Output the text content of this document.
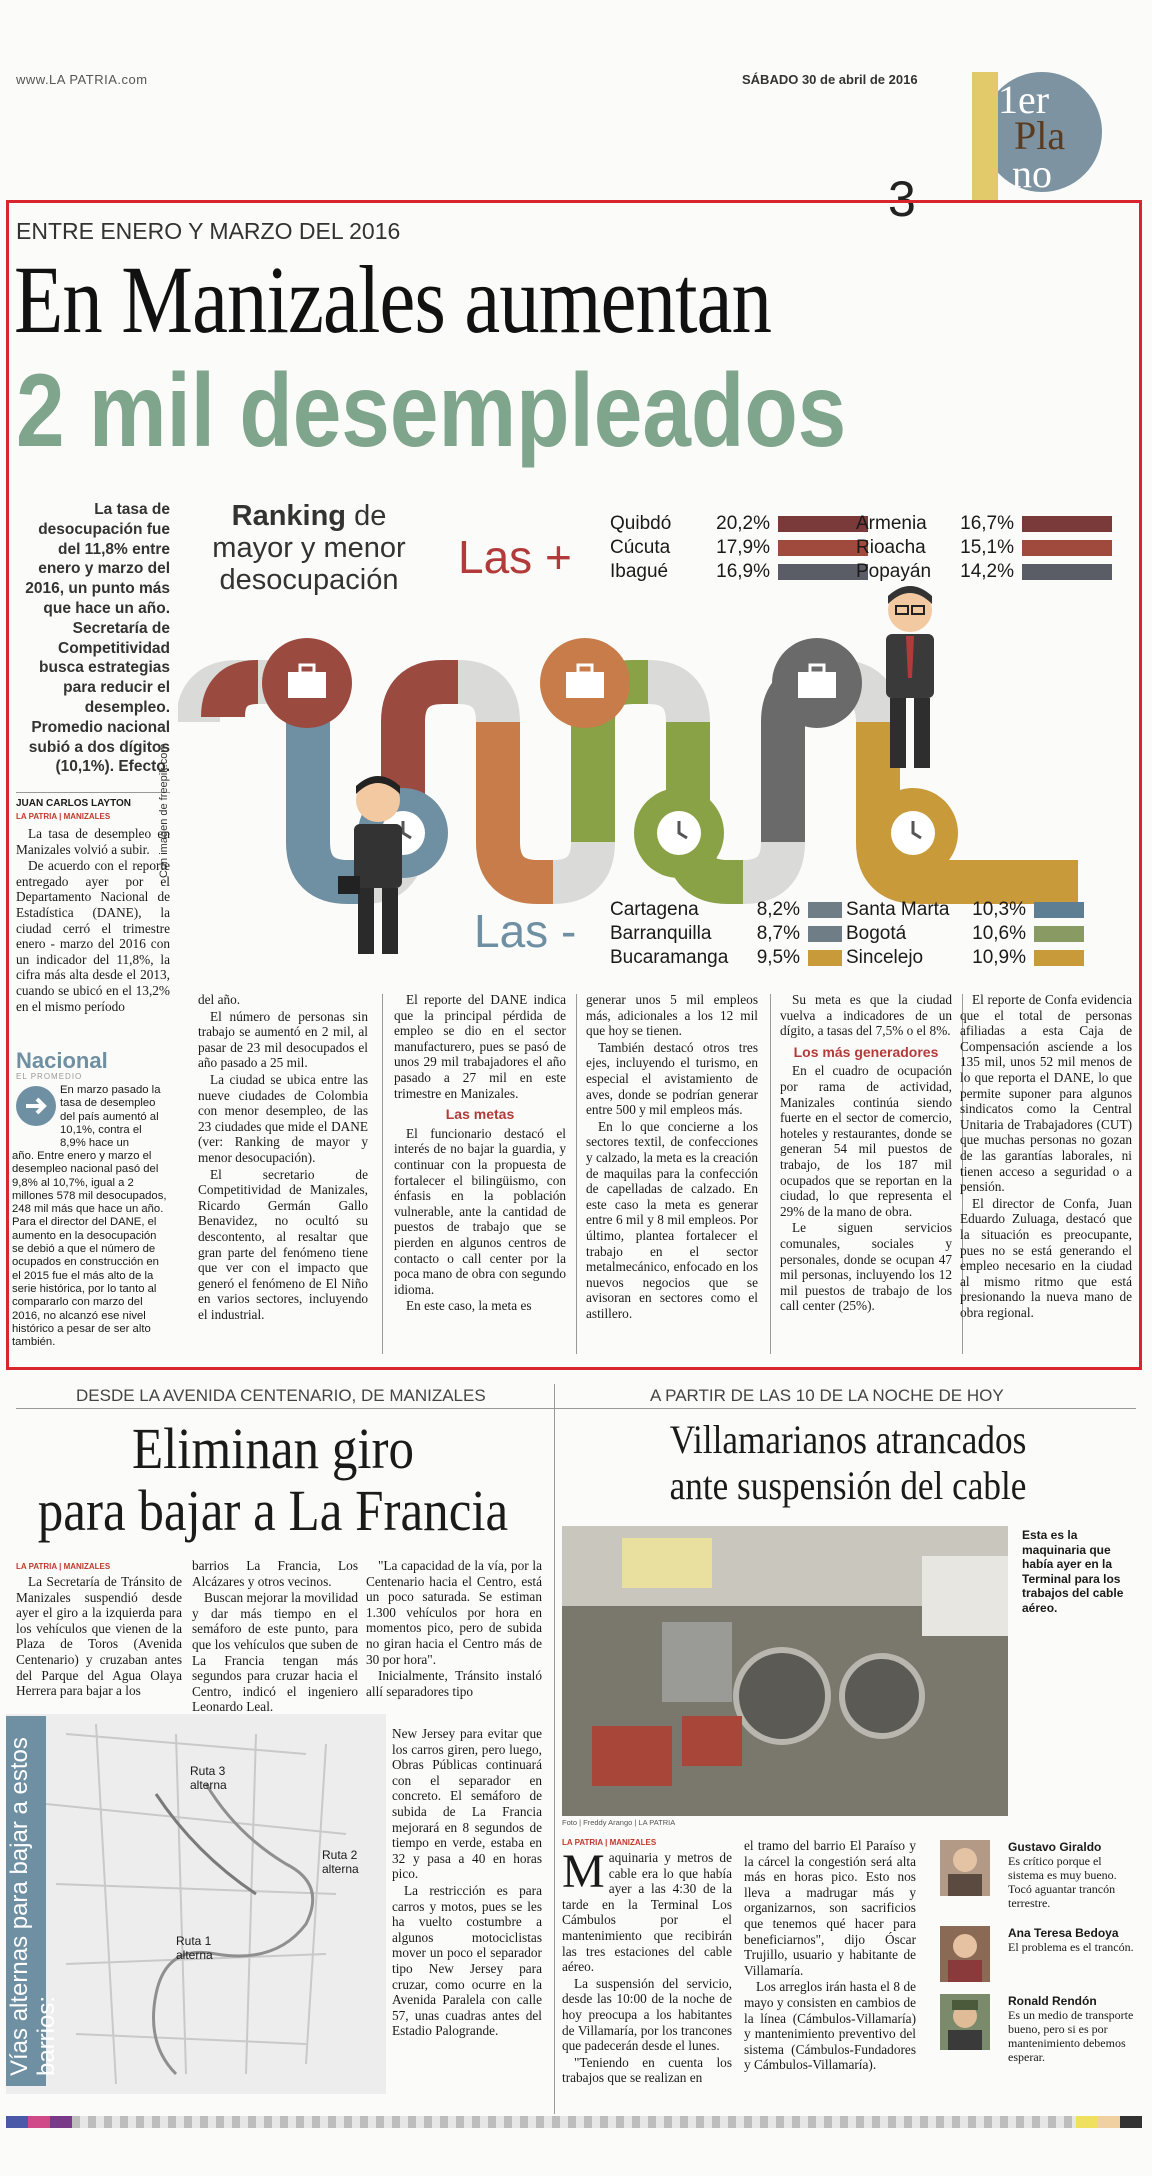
www.LA PATRIA.com	SÁBADO 30 de abril de 2016 1er
Pla
no
3
ENTRE ENERO Y MARZO DEL 2016
En Manizales aumentan
2 mil desempleados
La tasa de desocupación fue del 11,8% entre enero y marzo del 2016, un punto más que hace un año. Secretaría de Competitividad busca estrategias para reducir el desempleo. Promedio nacional subió a dos dígitos (10,1%). Efecto.
JUAN CARLOS LAYTON
LA PATRIA | MANIZALES

La tasa de desempleo en Manizales volvió a subir.

De acuerdo con el reporte entregado ayer por el Departamento Nacional de Estadística (DANE), la ciudad cerró el trimestre enero - marzo del 2016 con un indicador del 11,8%, la cifra más alta desde el 2013, cuando se ubicó en el 13,2% en el mismo período

Nacional
EL PROMEDIO
En marzo pasado la tasa de desempleo del país aumentó al 10,1%, contra el 8,9% hace un
año. Entre enero y marzo el desempleo nacional pasó del 9,8% al 10,7%, igual a 2 millones 578 mil desocupados, 248 mil más que hace un año. Para el director del DANE, el aumento en la desocupación se debió a que el número de ocupados en construcción en el 2015 fue el más alto de la serie histórica, por lo tanto al compararlo con marzo del 2016, no alcanzó ese nivel histórico a pesar de ser alto también.
Ranking de
mayor y menor
desocupación	Las +
Quibdó	20,2%
Cúcuta	17,9%
Ibagué	16,9%
Armenia	16,7%
Rioacha	15,1%
Popayán	14,2%
Con imagen de freepik.com
Las - Cartagena	8,2%
Barranquilla	8,7%
Bucaramanga	9,5%
Santa Marta	10,3%
Bogotá	10,6%
Sincelejo	10,9%

del año.

El número de personas sin trabajo se aumentó en 2 mil, al pasar de 23 mil desocupados el año pasado a 25 mil.

La ciudad se ubica entre las nueve ciudades de Colombia con menor desempleo, de las 23 ciudades que mide el DANE (ver: Ranking de mayor y menor desocupación).

El secretario de Competitividad de Manizales, Ricardo Germán Gallo Benavidez, no ocultó su descontento, al resaltar que gran parte del fenómeno tiene que ver con el impacto que generó el fenómeno de El Niño en varios sectores, incluyendo el industrial.

El reporte del DANE indica que la principal pérdida de empleo se dio en el sector manufacturero, pues se pasó de unos 29 mil trabajadores el año pasado a 27 mil en este trimestre en Manizales.

Las metas

El funcionario destacó el interés de no bajar la guardia, y continuar con la propuesta de fortalecer el bilingüismo, con énfasis en la población vulnerable, ante la cantidad de puestos de trabajo que se pierden en algunos centros de contacto o call center por la poca mano de obra con segundo idioma.

En este caso, la meta es

generar unos 5 mil empleos más, adicionales a los 12 mil que hoy se tienen.

También destacó otros tres ejes, incluyendo el turismo, en especial el avistamiento de aves, donde se podrían generar entre 500 y mil empleos más.

En lo que concierne a los sectores textil, de confecciones y calzado, la meta es la creación de maquilas para la confección de capelladas de calzado. En este caso la meta es generar entre 6 mil y 8 mil empleos. Por último, plantea fortalecer el trabajo en el sector metalmecánico, enfocado en los nuevos negocios que se avisoran en sectores como el astillero.

Su meta es que la ciudad vuelva a indicadores de un dígito, a tasas del 7,5% o el 8%.

Los más generadores

En el cuadro de ocupación por rama de actividad, Manizales continúa siendo fuerte en el sector de comercio, hoteles y restaurantes, donde se generan 54 mil puestos de trabajo, de los 187 mil ocupados que se reportan en la ciudad, lo que representa el 29% de la mano de obra.

Le siguen servicios comunales, sociales y personales, donde se ocupan 47 mil personas, incluyendo los 12 mil puestos de trabajo de los call center (25%).

El reporte de Confa evidencia que el total de personas afiliadas a esta Caja de Compensación asciende a los 135 mil, unos 52 mil menos de lo que reporta el DANE, lo que permite suponer para algunos sindicatos como la Central Unitaria de Trabajadores (CUT) que muchas personas no gozan de las garantías laborales, ni tienen acceso a seguridad o a pensión.

El director de Confa, Juan Eduardo Zuluaga, destacó que la situación es preocupante, pues no se está generando el empleo necesario en la ciudad al mismo ritmo que está presionando la nueva mano de obra regional.

DESDE LA AVENIDA CENTENARIO, DE MANIZALES
Eliminan giro
para bajar a La Francia
LA PATRIA | MANIZALES

La Secretaría de Tránsito de Manizales suspendió desde ayer el giro a la izquierda para los vehículos que vienen de la Plaza de Toros (Avenida Centenario) y cruzaban antes del Parque del Agua Olaya Herrera para bajar a los

barrios La Francia, Los Alcázares y otros vecinos.

Buscan mejorar la movilidad y dar más tiempo en el semáforo de este punto, para que los vehículos que suben de La Francia tengan más segundos para cruzar hacia el Centro, indicó el ingeniero Leonardo Leal.

"La capacidad de la vía, por la Centenario hacia el Centro, está un poco saturada. Se estiman 1.300 vehículos por hora en momentos pico, pero de subida no giran hacia el Centro más de 30 por hora".

Inicialmente, Tránsito instaló allí separadores tipo

New Jersey para evitar que los carros giren, pero luego, Obras Públicas continuará con el separador en concreto. El semáforo de subida de La Francia mejorará en 8 segundos de tiempo en verde, estaba en 32 y pasa a 40 en horas pico.

La restricción es para carros y motos, pues se les ha vuelto costumbre a algunos motociclistas mover un poco el separador tipo New Jersey para cruzar, como ocurre en la Avenida Paralela con calle 57, unas cuadras antes del Estadio Palogrande.

Vías alternas para bajar a estos barrios:
Ruta 3 alterna
Ruta 2 alterna
Ruta 1 alterna
A PARTIR DE LAS 10 DE LA NOCHE DE HOY
Villamarianos atrancados
ante suspensión del cable
Foto | Freddy Arango | LA PATRIA
Esta es la maquinaria que había ayer en la Terminal para los trabajos del cable aéreo.
LA PATRIA | MANIZALES
M aquinaria y metros de cable era lo que había ayer a las 4:30 de la tarde en la Terminal Los Cámbulos por el mantenimiento que recibirán las tres estaciones del cable aéreo.

La suspensión del servicio, desde las 10:00 de la noche de hoy preocupa a los habitantes de Villamaría, por los trancones que padecerán desde el lunes.

"Teniendo en cuenta los trabajos que se realizan en

el tramo del barrio El Paraíso y la cárcel la congestión será alta más en horas pico. Esto nos lleva a madrugar más y organizarnos, son sacrificios que tenemos qué hacer para beneficiarnos", dijo Óscar Trujillo, usuario y habitante de Villamaría.

Los arreglos irán hasta el 8 de mayo y consisten en cambios de la línea (Cámbulos-Villamaría) y mantenimiento preventivo del sistema (Cámbulos-Fundadores y Cámbulos-Villamaría).

Gustavo Giraldo
Es crítico porque el sistema es muy bueno. Tocó aguantar trancón terrestre.
Ana Teresa Bedoya
El problema es el trancón.
Ronald Rendón
Es un medio de transporte bueno, pero si es por mantenimiento debemos esperar.
